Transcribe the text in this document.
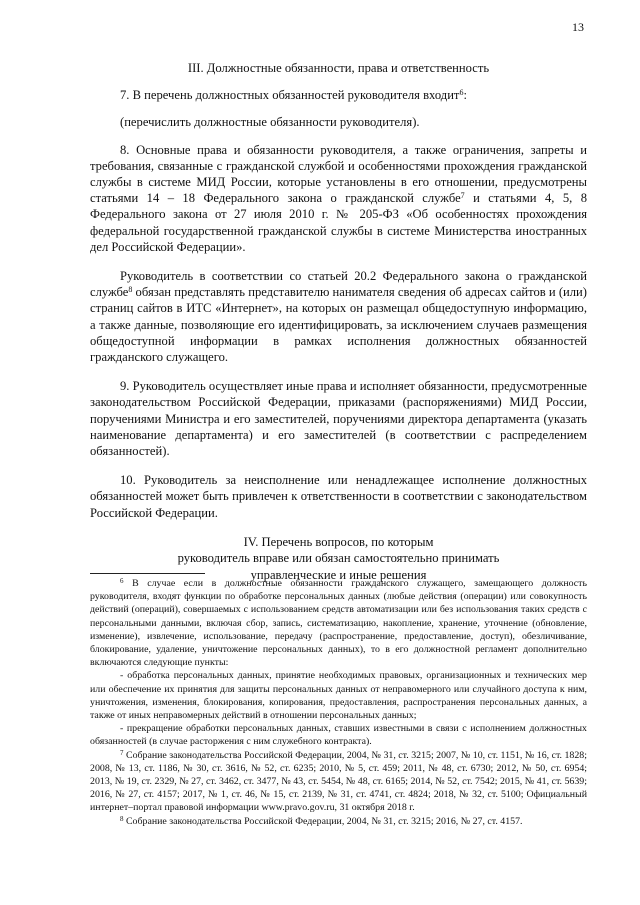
13
III. Должностные обязанности, права и ответственность
7. В перечень должностных обязанностей руководителя входит$^6$:
(перечислить должностные обязанности руководителя).
8. Основные права и обязанности руководителя, а также ограничения, запреты и требования, связанные с гражданской службой и особенностями прохождения гражданской службы в системе МИД России, которые установлены в его отношении, предусмотрены статьями 14 – 18 Федерального закона о гражданской службе$^7$ и статьями 4, 5, 8 Федерального закона от 27 июля 2010 г. № 205-ФЗ «Об особенностях прохождения федеральной государственной гражданской службы в системе Министерства иностранных дел Российской Федерации».
Руководитель в соответствии со статьей 20.2 Федерального закона о гражданской службе$^8$ обязан представлять представителю нанимателя сведения об адресах сайтов и (или) страниц сайтов в ИТС «Интернет», на которых он размещал общедоступную информацию, а также данные, позволяющие его идентифицировать, за исключением случаев размещения общедоступной информации в рамках исполнения должностных обязанностей гражданского служащего.
9. Руководитель осуществляет иные права и исполняет обязанности, предусмотренные законодательством Российской Федерации, приказами (распоряжениями) МИД России, поручениями Министра и его заместителей, поручениями директора департамента (указать наименование департамента) и его заместителей (в соответствии с распределением обязанностей).
10. Руководитель за неисполнение или ненадлежащее исполнение должностных обязанностей может быть привлечен к ответственности в соответствии с законодательством Российской Федерации.
IV. Перечень вопросов, по которым
руководитель вправе или обязан самостоятельно принимать
управленческие и иные решения
$^6$ В случае если в должностные обязанности гражданского служащего, замещающего должность руководителя, входят функции по обработке персональных данных (любые действия (операции) или совокупность действий (операций), совершаемых с использованием средств автоматизации или без использования таких средств с персональными данными, включая сбор, запись, систематизацию, накопление, хранение, уточнение (обновление, изменение), извлечение, использование, передачу (распространение, предоставление, доступ), обезличивание, блокирование, удаление, уничтожение персональных данных), то в его должностной регламент дополнительно включаются следующие пункты:
- обработка персональных данных, принятие необходимых правовых, организационных и технических мер или обеспечение их принятия для защиты персональных данных от неправомерного или случайного доступа к ним, уничтожения, изменения, блокирования, копирования, предоставления, распространения персональных данных, а также от иных неправомерных действий в отношении персональных данных;
- прекращение обработки персональных данных, ставших известными в связи с исполнением должностных обязанностей (в случае расторжения с ним служебного контракта).
$^7$ Собрание законодательства Российской Федерации, 2004, № 31, ст. 3215; 2007, № 10, ст. 1151, № 16, ст. 1828; 2008, № 13, ст. 1186, № 30, ст. 3616, № 52, ст. 6235; 2010, № 5, ст. 459; 2011, № 48, ст. 6730; 2012, № 50, ст. 6954; 2013, № 19, ст. 2329, № 27, ст. 3462, ст. 3477, № 43, ст. 5454, № 48, ст. 6165; 2014, № 52, ст. 7542; 2015, № 41, ст. 5639; 2016, № 27, ст. 4157; 2017, № 1, ст. 46, № 15, ст. 2139, № 31, ст. 4741, ст. 4824; 2018, № 32, ст. 5100; Официальный интернет–портал правовой информации www.pravo.gov.ru, 31 октября 2018 г.
$^8$ Собрание законодательства Российской Федерации, 2004, № 31, ст. 3215; 2016, № 27, ст. 4157.
